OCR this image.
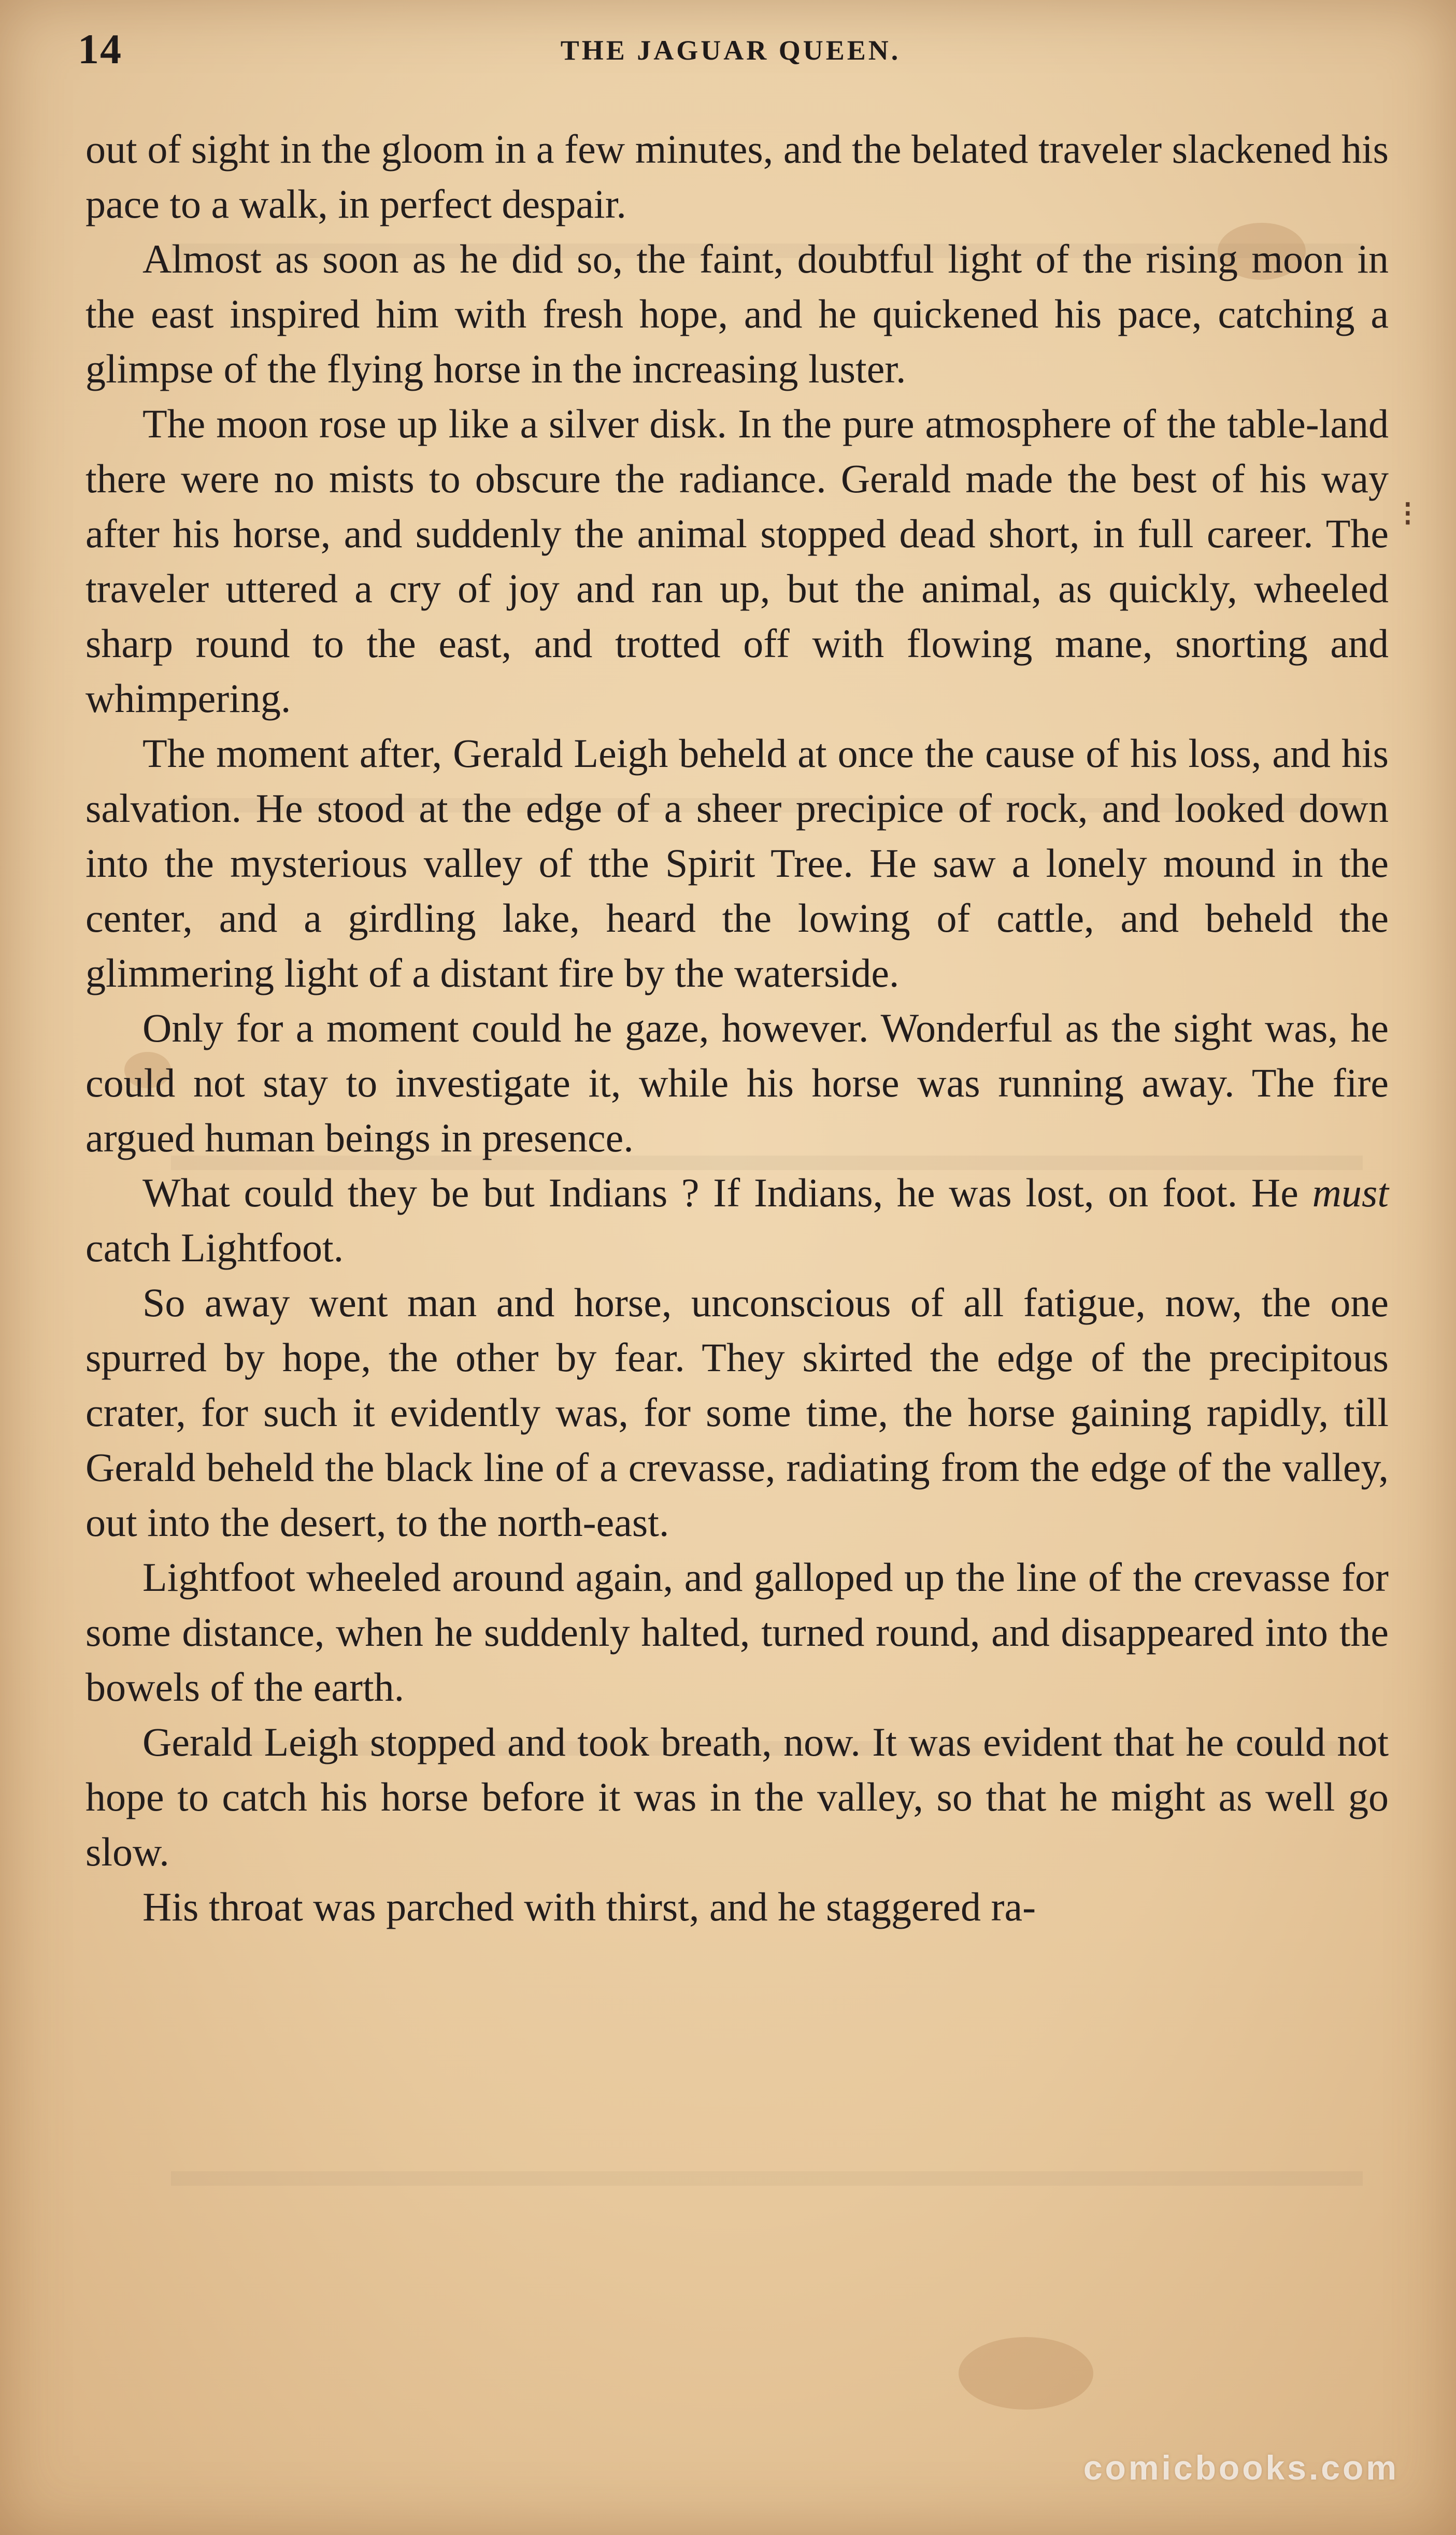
14	THE JAGUAR QUEEN.

out of sight in the gloom in a few minutes, and the belated traveler slackened his pace to a walk, in perfect despair.

Almost as soon as he did so, the faint, doubtful light of the rising moon in the east inspired him with fresh hope, and he quickened his pace, catching a glimpse of the flying horse in the increasing luster.

The moon rose up like a silver disk. In the pure atmosphere of the table-land there were no mists to obscure the radiance. Gerald made the best of his way after his horse, and suddenly the animal stopped dead short, in full career. The traveler uttered a cry of joy and ran up, but the animal, as quickly, wheeled sharp round to the east, and trotted off with flowing mane, snorting and whimpering.

The moment after, Gerald Leigh beheld at once the cause of his loss, and his salvation. He stood at the edge of a sheer precipice of rock, and looked down into the mysterious valley of tthe Spirit Tree. He saw a lonely mound in the center, and a girdling lake, heard the lowing of cattle, and beheld the glimmering light of a distant fire by the waterside.

Only for a moment could he gaze, however. Wonderful as the sight was, he could not stay to investigate it, while his horse was running away. The fire argued human beings in presence.

What could they be but Indians ? If Indians, he was lost, on foot. He must catch Lightfoot.

So away went man and horse, unconscious of all fatigue, now, the one spurred by hope, the other by fear. They skirted the edge of the precipitous crater, for such it evidently was, for some time, the horse gaining rapidly, till Gerald beheld the black line of a crevasse, radiating from the edge of the valley, out into the desert, to the north-east.

Lightfoot wheeled around again, and galloped up the line of the crevasse for some distance, when he suddenly halted, turned round, and disappeared into the bowels of the earth.

Gerald Leigh stopped and took breath, now. It was evident that he could not hope to catch his horse before it was in the valley, so that he might as well go slow.

His throat was parched with thirst, and he staggered ra-

⁝
comicbooks.com
